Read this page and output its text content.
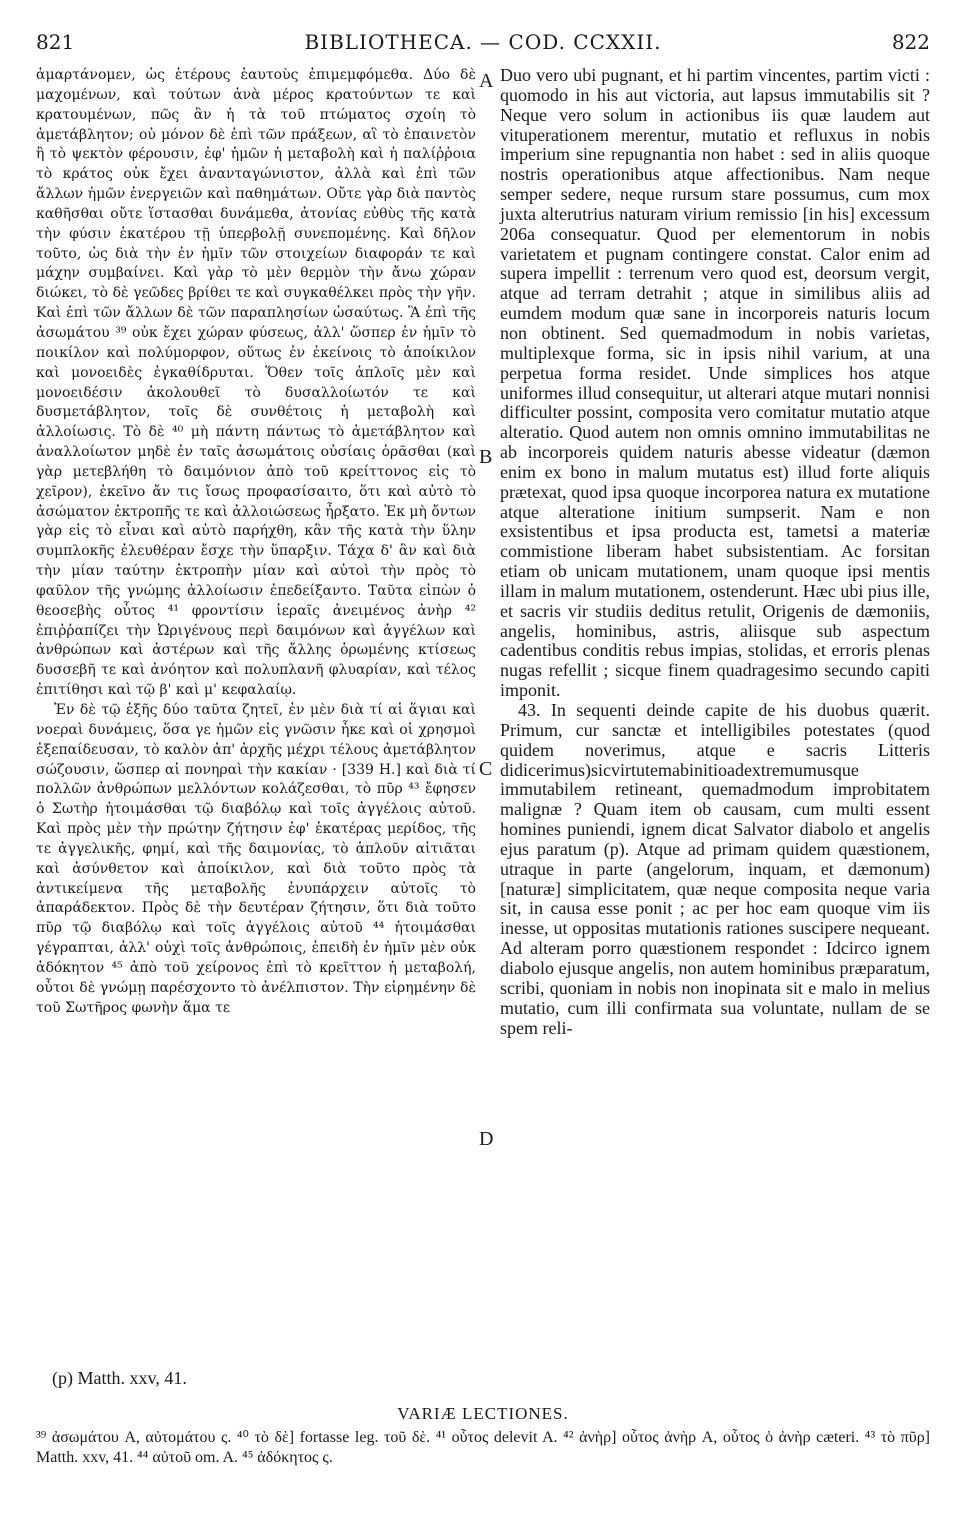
821	BIBLIOTHECA. — COD. CCXXII.	822

ἁμαρτάνομεν, ὡς ἑτέρους ἑαυτοὺς ἐπιμεμφόμεθα. Δύο δὲ μαχομένων, καὶ τούτων ἀνὰ μέρος κρατούντων τε καὶ κρατουμένων, πῶς ἂν ἡ τὰ τοῦ πτώματος σχοίη τὸ ἀμετάβλητον; οὐ μόνον δὲ ἐπὶ τῶν πράξεων, αἳ τὸ ἐπαινετὸν ἢ τὸ ψεκτὸν φέρουσιν, ἐφ' ἡμῶν ἡ μεταβολὴ καὶ ἡ παλίῤῥοια τὸ κράτος οὐκ ἔχει ἀνανταγώνιστον, ἀλλὰ καὶ ἐπὶ τῶν ἄλλων ἡμῶν ἐνεργειῶν καὶ παθημάτων. Οὔτε γὰρ διὰ παντὸς καθῆσθαι οὔτε ἵστασθαι δυνάμεθα, ἀτονίας εὐθὺς τῆς κατὰ τὴν φύσιν ἑκατέρου τῇ ὑπερβολῇ συνεπομένης. Καὶ δῆλον τοῦτο, ὡς διὰ τὴν ἐν ἡμῖν τῶν στοιχείων διαφοράν τε καὶ μάχην συμβαίνει. Καὶ γὰρ τὸ μὲν θερμὸν τὴν ἄνω χώραν διώκει, τὸ δὲ γεῶδες βρίθει τε καὶ συγκαθέλκει πρὸς τὴν γῆν. Καὶ ἐπὶ τῶν ἄλλων δὲ τῶν παραπλησίων ὡσαύτως. Ἃ ἐπὶ τῆς ἀσωμάτου ³⁹ οὐκ ἔχει χώραν φύσεως, ἀλλ' ὥσπερ ἐν ἡμῖν τὸ ποικίλον καὶ πολύμορφον, οὕτως ἐν ἐκείνοις τὸ ἀποίκιλον καὶ μονοειδὲς ἐγκαθίδρυται. Ὅθεν τοῖς ἁπλοῖς μὲν καὶ μονοειδέσιν ἀκολουθεῖ τὸ δυσαλλοίωτόν τε καὶ δυσμετάβλητον, τοῖς δὲ συνθέτοις ἡ μεταβολὴ καὶ ἀλλοίωσις. Τὸ δὲ ⁴⁰ μὴ πάντη πάντως τὸ ἀμετάβλητον καὶ ἀναλλοίωτον μηδὲ ἐν ταῖς ἀσωμάτοις οὐσίαις ὁρᾶσθαι (καὶ γὰρ μετεβλήθη τὸ δαιμόνιον ἀπὸ τοῦ κρείττονος εἰς τὸ χεῖρον), ἐκεῖνο ἄν τις ἴσως προφασίσαιτο, ὅτι καὶ αὐτὸ τὸ ἀσώματον ἐκτροπῆς τε καὶ ἀλλοιώσεως ἦρξατο. Ἐκ μὴ ὄντων γὰρ εἰς τὸ εἶναι καὶ αὐτὸ παρήχθη, κἂν τῆς κατὰ τὴν ὕλην συμπλοκῆς ἐλευθέραν ἔσχε τὴν ὕπαρξιν. Τάχα δ' ἂν καὶ διὰ τὴν μίαν ταύτην ἐκτροπὴν μίαν καὶ αὐτοὶ τὴν πρὸς τὸ φαῦλον τῆς γνώμης ἀλλοίωσιν ἐπεδείξαντο. Ταῦτα εἰπὼν ὁ θεοσεβὴς οὗτος ⁴¹ φροντίσιν ἱεραῖς ἀνειμένος ἀνὴρ ⁴² ἐπιῤῥαπίζει τὴν Ὠριγένους περὶ δαιμόνων καὶ ἀγγέλων καὶ ἀνθρώπων καὶ ἀστέρων καὶ τῆς ἄλλης ὁρωμένης κτίσεως δυσσεβῆ τε καὶ ἀνόητον καὶ πολυπλανῆ φλυαρίαν, καὶ τέλος ἐπιτίθησι καὶ τῷ β' καὶ μ' κεφαλαίῳ.

Ἐν δὲ τῷ ἑξῆς δύο ταῦτα ζητεῖ, ἐν μὲν διὰ τί αἱ ἅγιαι καὶ νοεραὶ δυνάμεις, ὅσα γε ἡμῶν εἰς γνῶσιν ἧκε καὶ οἱ χρησμοὶ ἐξεπαίδευσαν, τὸ καλὸν ἀπ' ἀρχῆς μέχρι τέλους ἀμετάβλητον σώζουσιν, ὥσπερ αἱ πονηραὶ τὴν κακίαν · [339 H.] καὶ διὰ τί πολλῶν ἀνθρώπων μελλόντων κολάζεσθαι, τὸ πῦρ ⁴³ ἔφησεν ὁ Σωτὴρ ἡτοιμάσθαι τῷ διαβόλῳ καὶ τοῖς ἀγγέλοις αὐτοῦ. Καὶ πρὸς μὲν τὴν πρώτην ζήτησιν ἐφ' ἑκατέρας μερίδος, τῆς τε ἀγγελικῆς, φημί, καὶ τῆς δαιμονίας, τὸ ἁπλοῦν αἰτιᾶται καὶ ἀσύνθετον καὶ ἀποίκιλον, καὶ διὰ τοῦτο πρὸς τὰ ἀντικείμενα τῆς μεταβολῆς ἐνυπάρχειν αὐτοῖς τὸ ἀπαράδεκτον. Πρὸς δὲ τὴν δευτέραν ζήτησιν, ὅτι διὰ τοῦτο πῦρ τῷ διαβόλῳ καὶ τοῖς ἀγγέλοις αὐτοῦ ⁴⁴ ἡτοιμάσθαι γέγραπται, ἀλλ' οὐχὶ τοῖς ἀνθρώποις, ἐπειδὴ ἐν ἡμῖν μὲν οὐκ ἀδόκητον ⁴⁵ ἀπὸ τοῦ χείρονος ἐπὶ τὸ κρεῖττον ἡ μεταβολή, οὗτοι δὲ γνώμῃ παρέσχοντο τὸ ἀνέλπιστον. Τὴν εἰρημένην δὲ τοῦ Σωτῆρος φωνὴν ἅμα τε

Duo vero ubi pugnant, et hi partim vincentes, partim victi : quomodo in his aut victoria, aut lapsus immutabilis sit ? Neque vero solum in actionibus iis quæ laudem aut vituperationem merentur, mutatio et refluxus in nobis imperium sine repugnantia non habet : sed in aliis quoque nostris operationibus atque affectionibus. Nam neque semper sedere, neque rursum stare possumus, cum mox juxta alterutrius naturam virium remissio [in his] excessum 206a consequatur. Quod per elementorum in nobis varietatem et pugnam contingere constat. Calor enim ad supera impellit : terrenum vero quod est, deorsum vergit, atque ad terram detrahit ; atque in similibus aliis ad eumdem modum quæ sane in incorporeis naturis locum non obtinent. Sed quemadmodum in nobis varietas, multiplexque forma, sic in ipsis nihil varium, at una perpetua forma residet. Unde simplices hos atque uniformes illud consequitur, ut alterari atque mutari nonnisi difficulter possint, composita vero comitatur mutatio atque alteratio. Quod autem non omnis omnino immutabilitas ne ab incorporeis quidem naturis abesse videatur (dæmon enim ex bono in malum mutatus est) illud forte aliquis prætexat, quod ipsa quoque incorporea natura ex mutatione atque alteratione initium sumpserit. Nam e non exsistentibus et ipsa producta est, tametsi a materiæ commistione liberam habet subsistentiam. Ac forsitan etiam ob unicam mutationem, unam quoque ipsi mentis illam in malum mutationem, ostenderunt. Hæc ubi pius ille, et sacris vir studiis deditus retulit, Origenis de dæmoniis, angelis, hominibus, astris, aliisque sub aspectum cadentibus conditis rebus impias, stolidas, et erroris plenas nugas refellit ; sicque finem quadragesimo secundo capiti imponit.

43. In sequenti deinde capite de his duobus quærit. Primum, cur sanctæ et intelligibiles potestates (quod quidem noverimus, atque e sacris Litteris didicerimus)sicvirtutemabinitioadextremumusque immutabilem retineant, quemadmodum improbitatem malignæ ? Quam item ob causam, cum multi essent homines puniendi, ignem dicat Salvator diabolo et angelis ejus paratum (p). Atque ad primam quidem quæstionem, utraque in parte (angelorum, inquam, et dæmonum) [naturæ] simplicitatem, quæ neque composita neque varia sit, in causa esse ponit ; ac per hoc eam quoque vim iis inesse, ut oppositas mutationis rationes suscipere nequeant. Ad alteram porro quæstionem respondet : Idcirco ignem diabolo ejusque angelis, non autem hominibus præparatum, scribi, quoniam in nobis non inopinata sit e malo in melius mutatio, cum illi confirmata sua voluntate, nullam de se spem reli-

A
B
C
D
(p) Matth. xxv, 41.
VARIÆ LECTIONES.

³⁹ ἀσωμάτου A, αὐτομάτου ς. ⁴⁰ τὸ δὲ] fortasse leg. τοῦ δὲ. ⁴¹ οὗτος delevit A. ⁴² ἀνὴρ] οὗτος ἀνὴρ A, οὗτος ὁ ἀνὴρ cæteri. ⁴³ τὸ πῦρ] Matth. xxv, 41. ⁴⁴ αὐτοῦ om. A. ⁴⁵ ἀδόκητος ς.
